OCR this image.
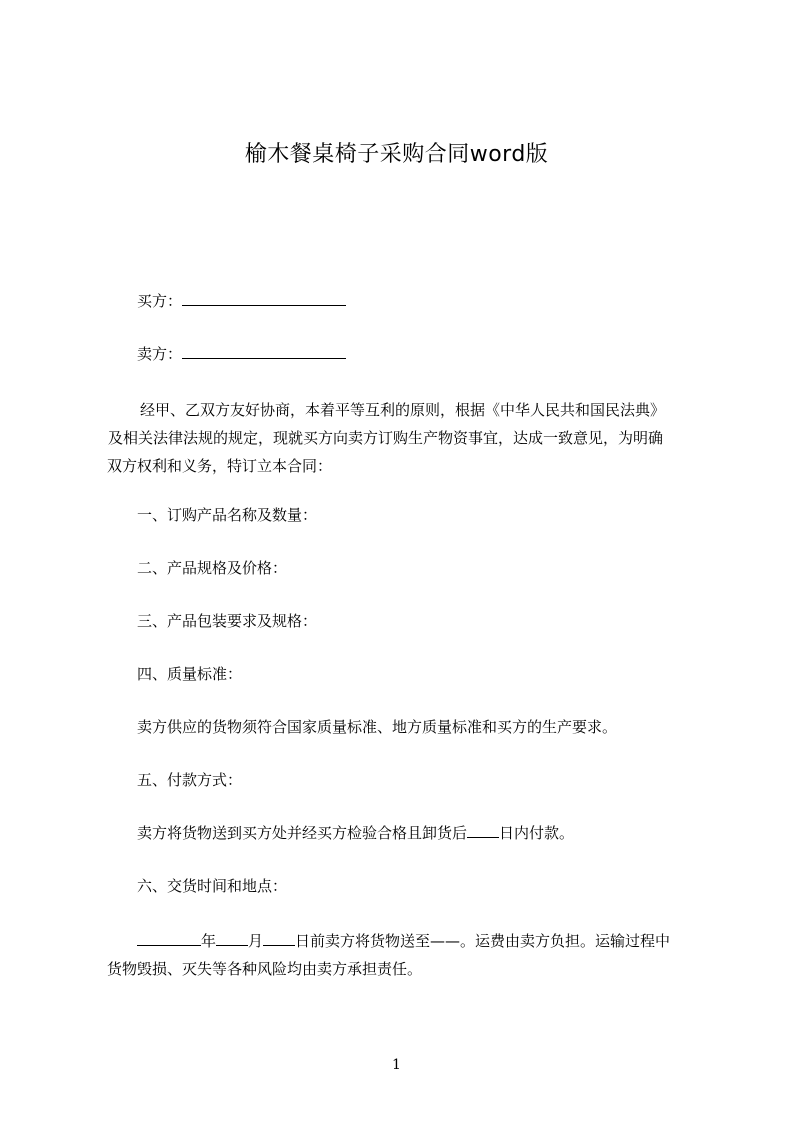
榆木餐桌椅子采购合同word版
买方：
卖方：
经甲、乙双方友好协商，本着平等互利的原则，根据《中华人民共和国民法典》
及相关法律法规的规定，现就买方向卖方订购生产物资事宜，达成一致意见，为明确
双方权利和义务，特订立本合同：
一、订购产品名称及数量：
二、产品规格及价格：
三、产品包装要求及规格：
四、质量标准：
卖方供应的货物须符合国家质量标准、地方质量标准和买方的生产要求。
五、付款方式：
卖方将货物送到买方处并经买方检验合格且卸货后 日内付款。
六、交货时间和地点：
年 月 日前卖方将货物送至——。运费由卖方负担。运输过程中
货物毁损、灭失等各种风险均由卖方承担责任。
1
